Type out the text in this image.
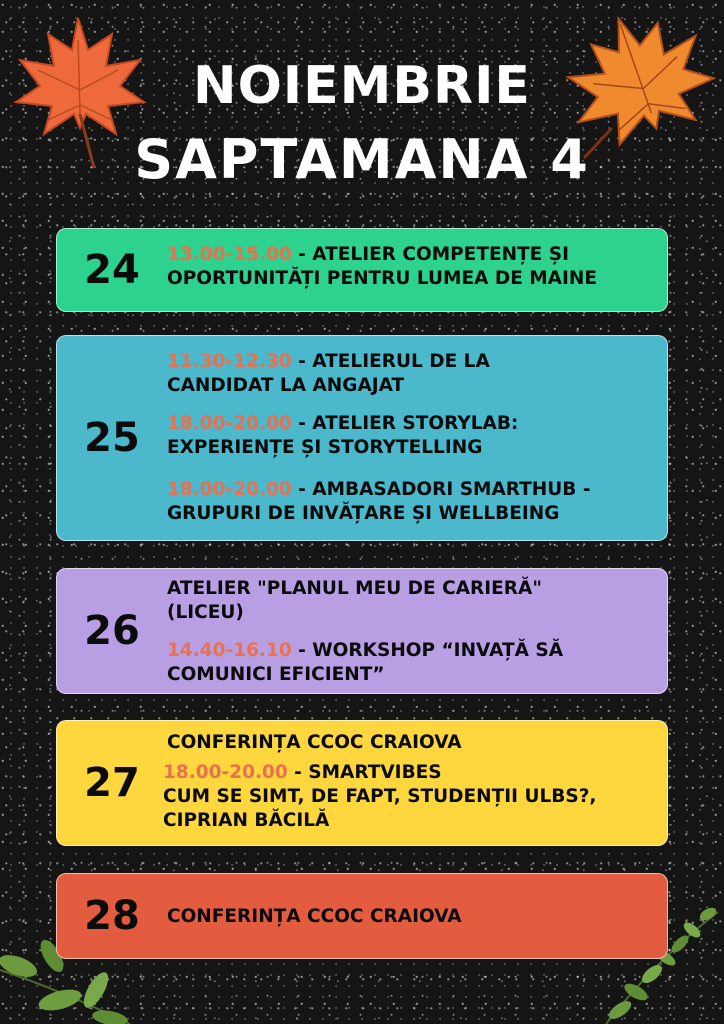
NOIEMBRIE
SAPTAMANA 4
24	13.00-15.00 - ATELIER COMPETENȚE ȘI
OPORTUNITĂȚI PENTRU LUMEA DE MAINE
25
11.30-12.30 - ATELIERUL DE LA
CANDIDAT LA ANGAJAT
18.00-20.00 - ATELIER STORYLAB:
EXPERIENȚE ȘI STORYTELLING
18.00-20.00 - AMBASADORI SMARTHUB -
GRUPURI DE INVĂȚARE ȘI WELLBEING
26
ATELIER "PLANUL MEU DE CARIERĂ"
(LICEU)
14.40-16.10 - WORKSHOP “INVAȚĂ SĂ
COMUNICI EFICIENT”
27
CONFERINȚA CCOC CRAIOVA
18.00-20.00 - SMARTVIBES
CUM SE SIMT, DE FAPT, STUDENȚII ULBS?,
CIPRIAN BĂCILĂ
28	CONFERINȚA CCOC CRAIOVA
